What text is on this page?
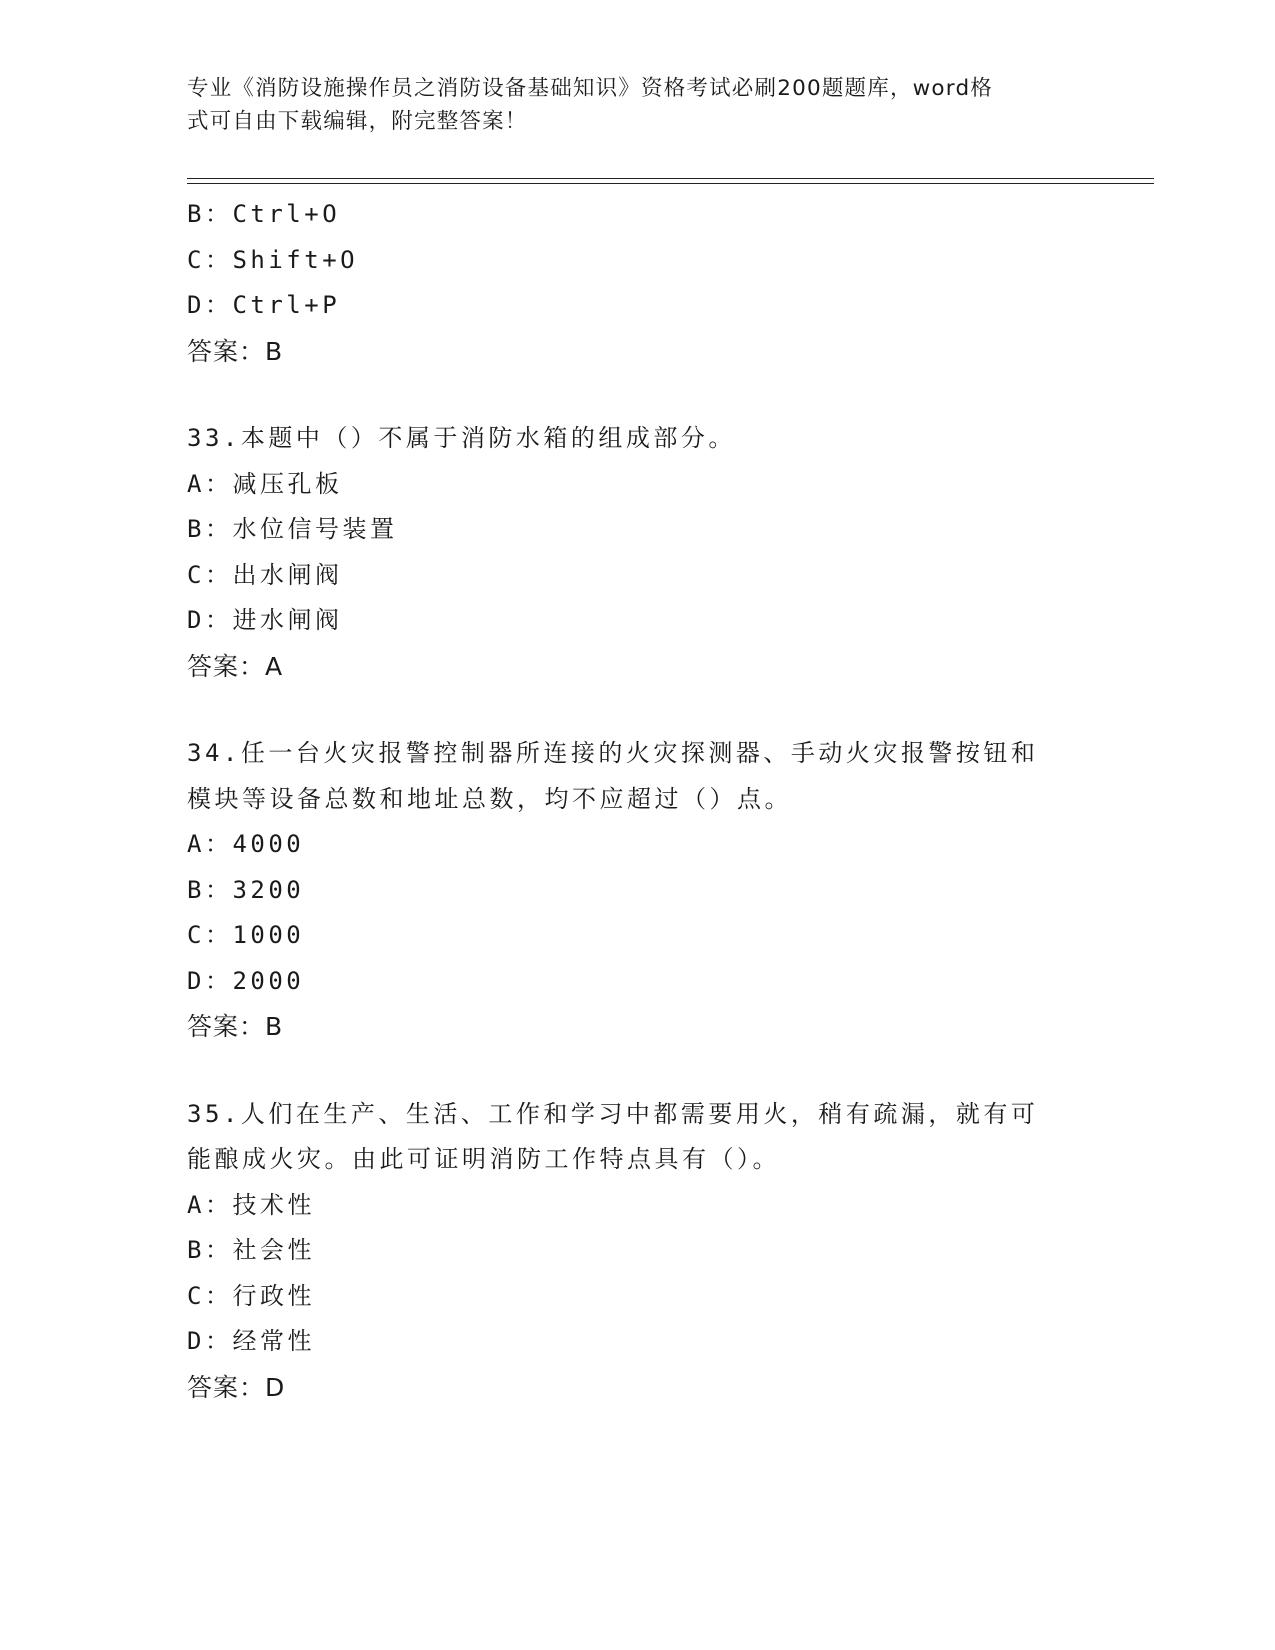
专业《消防设施操作员之消防设备基础知识》资格考试必刷200题题库，word格
式可自由下载编辑，附完整答案！
B：Ctrl+O
C：Shift+O
D：Ctrl+P
答案：B
33.本题中（）不属于消防水箱的组成部分。
A：减压孔板
B：水位信号装置
C：出水闸阀
D：进水闸阀
答案：A
34.任一台火灾报警控制器所连接的火灾探测器、手动火灾报警按钮和
模块等设备总数和地址总数，均不应超过（）点。
A：4000
B：3200
C：1000
D：2000
答案：B
35.人们在生产、生活、工作和学习中都需要用火，稍有疏漏，就有可
能酿成火灾。由此可证明消防工作特点具有（）。
A：技术性
B：社会性
C：行政性
D：经常性
答案：D
